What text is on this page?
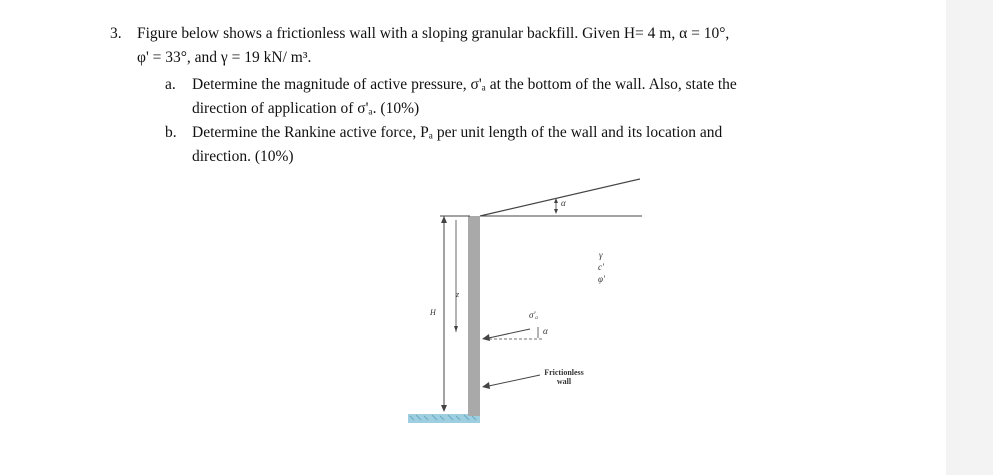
3. Figure below shows a frictionless wall with a sloping granular backfill. Given H= 4 m, α = 10°,
φ' = 33°, and γ = 19 kN/ m³.
a. Determine the magnitude of active pressure, σ'ₐ at the bottom of the wall. Also, state the
direction of application of σ'ₐ. (10%)
b. Determine the Rankine active force, Pₐ per unit length of the wall and its location and
direction. (10%)
α
γ
c'
φ'
z
H	σ'ₐ
α
Frictionless
wall
